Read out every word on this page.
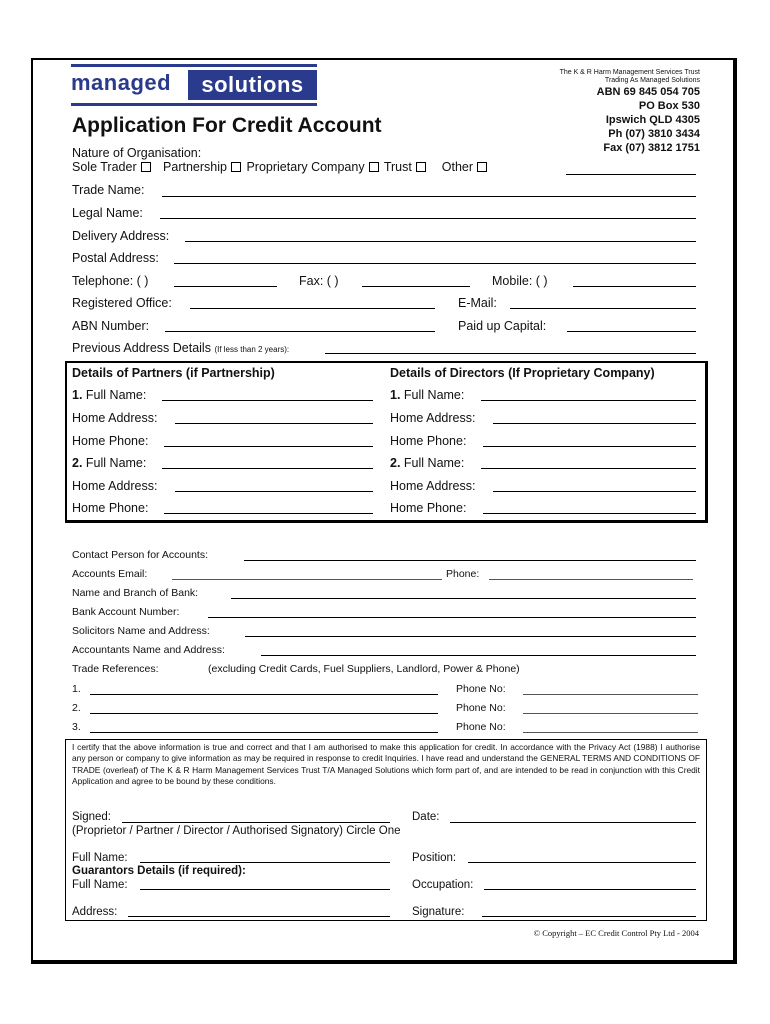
managed	solutions	The K & R Harm Management Services Trust
Trading As Managed Solutions
ABN 69 845 054 705
PO Box 530
Ipswich QLD 4305
Ph (07) 3810 3434
Fax (07) 3812 1751
Application For Credit Account
Nature of Organisation:
Sole Trader Partnership Proprietary Company Trust Other
Trade Name:
Legal Name:
Delivery Address:
Postal Address:
Telephone: ( )	Fax: ( )	Mobile: ( )
Registered Office:	E-Mail:
ABN Number:	Paid up Capital:
Previous Address Details (If less than 2 years):
Details of Partners (if Partnership)	Details of Directors (If Proprietary Company)
1. Full Name:	1. Full Name:
Home Address:	Home Address:
Home Phone:	Home Phone:
2. Full Name:	2. Full Name:
Home Address:	Home Address:
Home Phone:	Home Phone:
Contact Person for Accounts:
Accounts Email:	Phone:
Name and Branch of Bank:
Bank Account Number:
Solicitors Name and Address:
Accountants Name and Address:
Trade References:	(excluding Credit Cards, Fuel Suppliers, Landlord, Power & Phone)
1.	Phone No:
2.	Phone No:
3.	Phone No:
I certify that the above information is true and correct and that I am authorised to make this application for credit. In accordance with the Privacy Act (1988) I authorise any person or company to give information as may be required in response to credit Inquiries. I have read and understand the GENERAL TERMS AND CONDITIONS OF TRADE (overleaf) of The K & R Harm Management Services Trust T/A Managed Solutions which form part of, and are intended to be read in conjunction with this Credit Application and agree to be bound by these conditions.
Signed:	Date:
(Proprietor / Partner / Director / Authorised Signatory) Circle One
Full Name:	Position:
Guarantors Details (if required):
Full Name:	Occupation:
Address:	Signature:
© Copyright – EC Credit Control Pty Ltd - 2004
